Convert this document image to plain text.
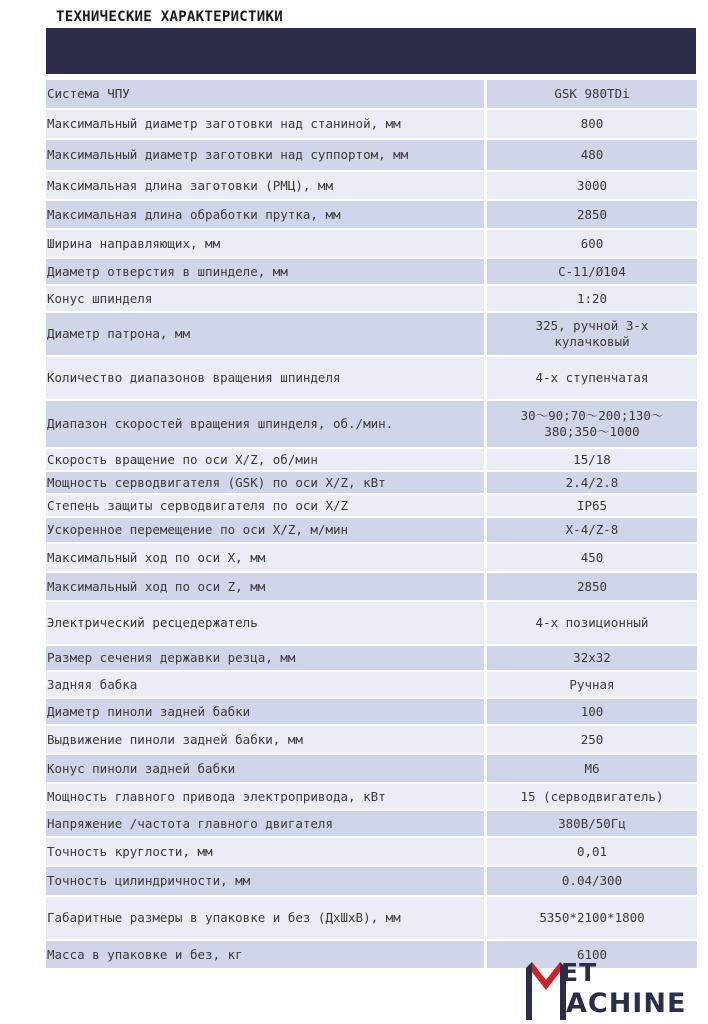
ТЕХНИЧЕСКИЕ ХАРАКТЕРИСТИКИ
Система ЧПУ	GSK 980TDi
Максимальный диаметр заготовки над станиной, мм	800
Максимальный диаметр заготовки над суппортом, мм	480
Максимальная длина заготовки (РМЦ), мм	3000
Максимальная длина обработки прутка, мм	2850
Ширина направляющих, мм	600
Диаметр отверстия в шпинделе, мм	C-11/Ø104
Конус шпинделя	1:20
Диаметр патрона, мм	325, ручной 3-х
кулачковый
Количество диапазонов вращения шпинделя	4-х ступенчатая
Диапазон скоростей вращения шпинделя, об./мин.	30〜90;70〜200;130〜
380;350〜1000
Скорость вращение по оси X/Z, об/мин	15/18
Мощность серводвигателя (GSK) по оси X/Z, кВт	2.4/2.8
Степень защиты серводвигателя по оси X/Z	IP65
Ускоренное перемещение по оси X/Z, м/мин	X-4/Z-8
Максимальный ход по оси X, мм	450
Максимальный ход по оси Z, мм	2850
Электрический ресцедержатель	4-х позиционный
Размер сечения державки резца, мм	32х32
Задняя бабка	Ручная
Диаметр пиноли задней бабки	100
Выдвижение пиноли задней бабки, мм	250
Конус пиноли задней бабки	М6
Мощность главного привода электропривода, кВт	15 (серводвигатель)
Напряжение /частота главного двигателя	380В/50Гц
Точность круглости, мм	0,01
Точность цилиндричности, мм	0.04/300
Габаритные размеры в упаковке и без (ДхШхВ), мм	5350*2100*1800
Масса в упаковке и без, кг	6100
ET
ACHINE
